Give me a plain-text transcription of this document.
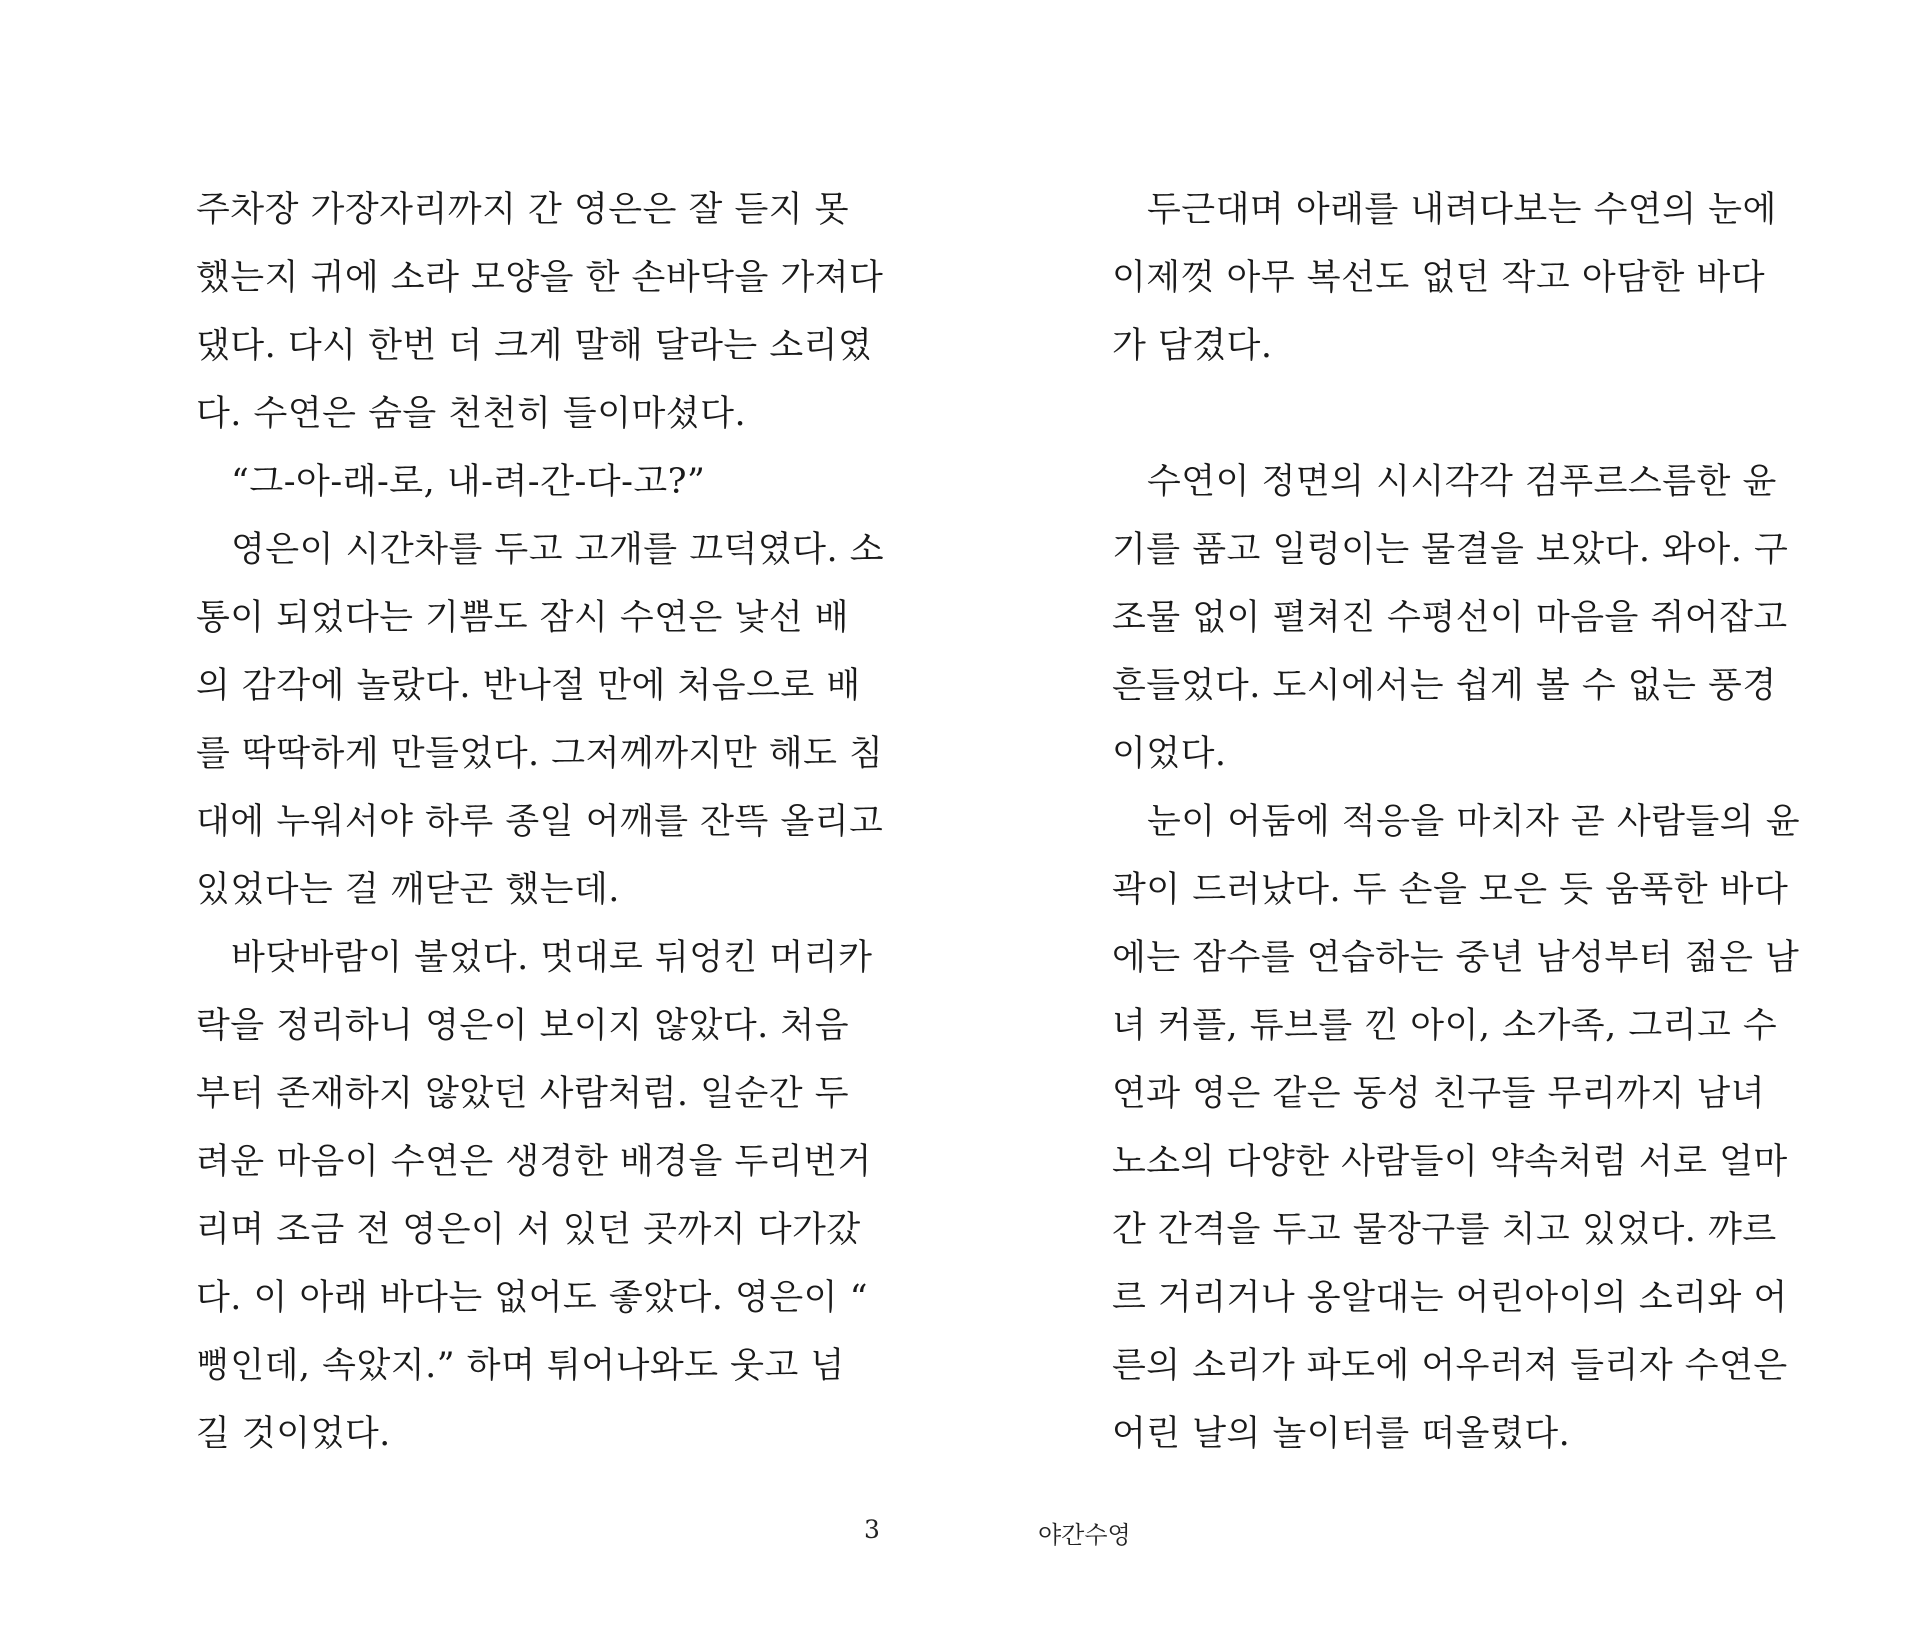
주차장 가장자리까지 간 영은은 잘 듣지 못
했는지 귀에 소라 모양을 한 손바닥을 가져다
댔다. 다시 한번 더 크게 말해 달라는 소리였
다. 수연은 숨을 천천히 들이마셨다.
“그-아-래-로, 내-려-간-다-고?”
영은이 시간차를 두고 고개를 끄덕였다. 소
통이 되었다는 기쁨도 잠시 수연은 낯선 배
의 감각에 놀랐다. 반나절 만에 처음으로 배
를 딱딱하게 만들었다. 그저께까지만 해도 침
대에 누워서야 하루 종일 어깨를 잔뜩 올리고
있었다는 걸 깨닫곤 했는데.
바닷바람이 불었다. 멋대로 뒤엉킨 머리카
락을 정리하니 영은이 보이지 않았다. 처음
부터 존재하지 않았던 사람처럼. 일순간 두
려운 마음이 수연은 생경한 배경을 두리번거
리며 조금 전 영은이 서 있던 곳까지 다가갔
다. 이 아래 바다는 없어도 좋았다. 영은이 “
뻥인데, 속았지.” 하며 튀어나와도 웃고 넘
길 것이었다.
두근대며 아래를 내려다보는 수연의 눈에
이제껏 아무 복선도 없던 작고 아담한 바다
가 담겼다.
수연이 정면의 시시각각 검푸르스름한 윤
기를 품고 일렁이는 물결을 보았다. 와아. 구
조물 없이 펼쳐진 수평선이 마음을 쥐어잡고
흔들었다. 도시에서는 쉽게 볼 수 없는 풍경
이었다.
눈이 어둠에 적응을 마치자 곧 사람들의 윤
곽이 드러났다. 두 손을 모은 듯 움푹한 바다
에는 잠수를 연습하는 중년 남성부터 젊은 남
녀 커플, 튜브를 낀 아이, 소가족, 그리고 수
연과 영은 같은 동성 친구들 무리까지 남녀
노소의 다양한 사람들이 약속처럼 서로 얼마
간 간격을 두고 물장구를 치고 있었다. 꺄르
르 거리거나 옹알대는 어린아이의 소리와 어
른의 소리가 파도에 어우러져 들리자 수연은
어린 날의 놀이터를 떠올렸다.
3	야간수영
